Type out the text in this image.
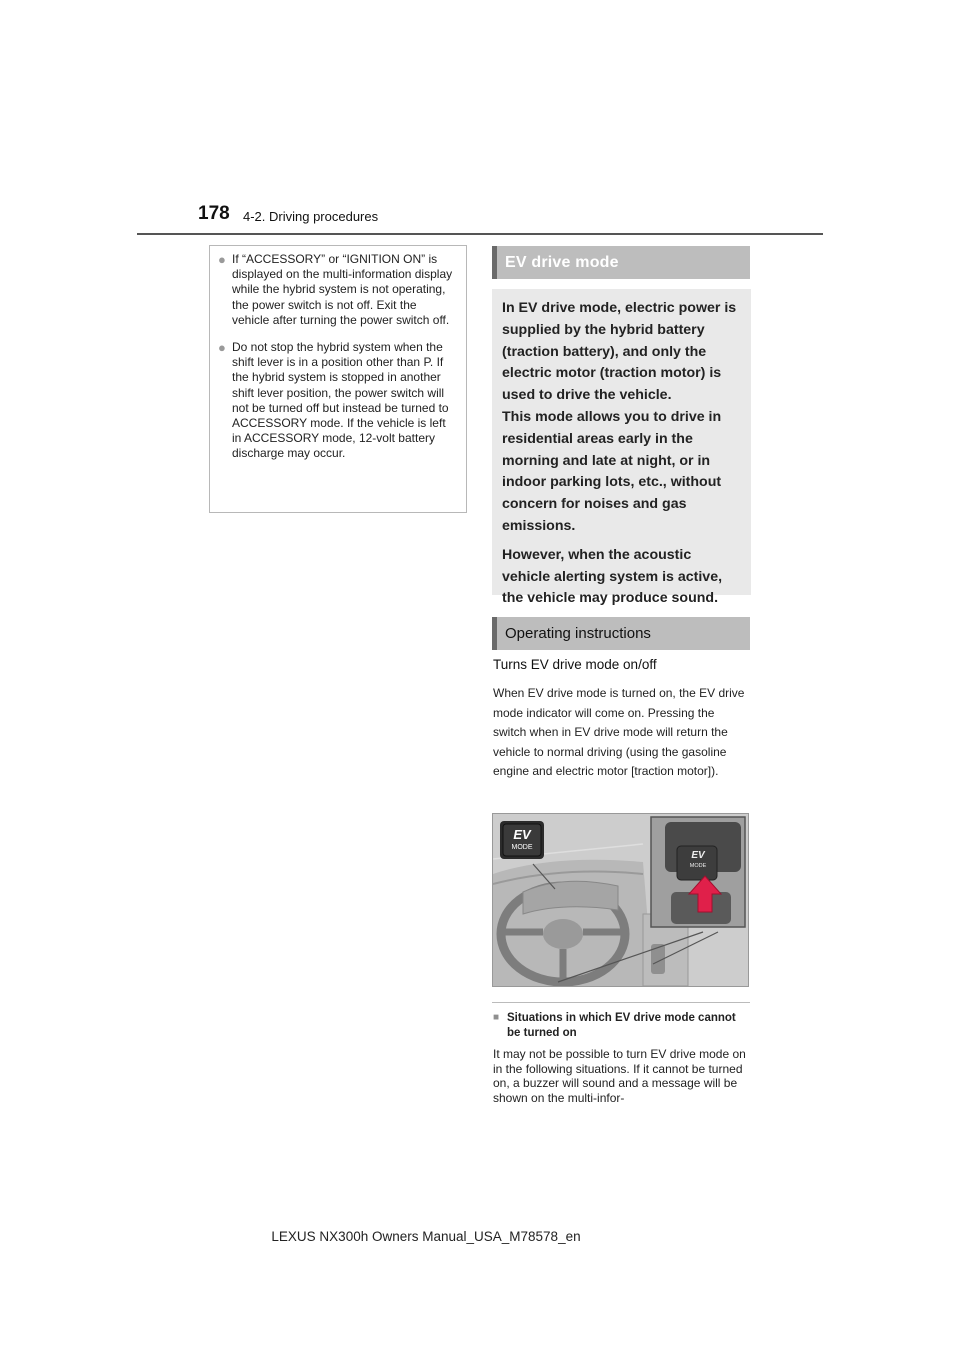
178 4-2. Driving procedures
● If “ACCESSORY” or “IGNITION ON” is displayed on the multi-information display while the hybrid system is not operating, the power switch is not off. Exit the vehicle after turning the power switch off.
● Do not stop the hybrid system when the shift lever is in a position other than P. If the hybrid system is stopped in another shift lever position, the power switch will not be turned off but instead be turned to ACCESSORY mode. If the vehicle is left in ACCESSORY mode, 12-volt battery discharge may occur.
EV drive mode

In EV drive mode, electric power is supplied by the hybrid battery (traction battery), and only the electric motor (traction motor) is used to drive the vehicle.

This mode allows you to drive in residential areas early in the morning and late at night, or in indoor parking lots, etc., without concern for noises and gas emissions.

However, when the acoustic vehicle alerting system is active, the vehicle may produce sound.

Operating instructions
Turns EV drive mode on/off
When EV drive mode is turned on, the EV drive mode indicator will come on. Pressing the switch when in EV drive mode will return the vehicle to normal driving (using the gasoline engine and electric motor [traction motor]).
EV
MODE
EV
MODE
■ Situations in which EV drive mode cannot be turned on
It may not be possible to turn EV drive mode on in the following situations. If it cannot be turned on, a buzzer will sound and a message will be shown on the multi-infor-
LEXUS NX300h Owners Manual_USA_M78578_en
